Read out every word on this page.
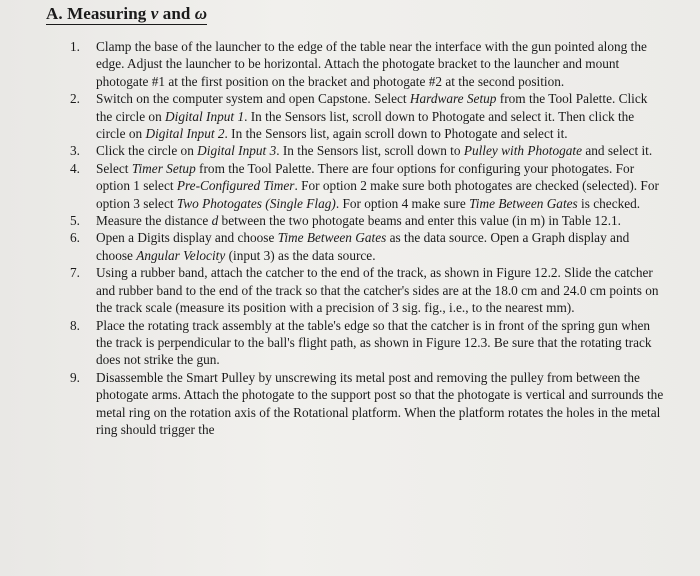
A. Measuring v and ω
1.	Clamp the base of the launcher to the edge of the table near the interface with the gun pointed along the edge. Adjust the launcher to be horizontal. Attach the photogate bracket to the launcher and mount photogate #1 at the first position on the bracket and photogate #2 at the second position.
2.	Switch on the computer system and open Capstone. Select Hardware Setup from the Tool Palette. Click the circle on Digital Input 1. In the Sensors list, scroll down to Photogate and select it. Then click the circle on Digital Input 2. In the Sensors list, again scroll down to Photogate and select it.
3.	Click the circle on Digital Input 3. In the Sensors list, scroll down to Pulley with Photogate and select it.
4.	Select Timer Setup from the Tool Palette. There are four options for configuring your photogates. For option 1 select Pre-Configured Timer. For option 2 make sure both photogates are checked (selected). For option 3 select Two Photogates (Single Flag). For option 4 make sure Time Between Gates is checked.
5.	Measure the distance d between the two photogate beams and enter this value (in m) in Table 12.1.
6.	Open a Digits display and choose Time Between Gates as the data source. Open a Graph display and choose Angular Velocity (input 3) as the data source.
7.	Using a rubber band, attach the catcher to the end of the track, as shown in Figure 12.2. Slide the catcher and rubber band to the end of the track so that the catcher's sides are at the 18.0 cm and 24.0 cm points on the track scale (measure its position with a precision of 3 sig. fig., i.e., to the nearest mm).
8.	Place the rotating track assembly at the table's edge so that the catcher is in front of the spring gun when the track is perpendicular to the ball's flight path, as shown in Figure 12.3. Be sure that the rotating track does not strike the gun.
9.	Disassemble the Smart Pulley by unscrewing its metal post and removing the pulley from between the photogate arms. Attach the photogate to the support post so that the photogate is vertical and surrounds the metal ring on the rotation axis of the Rotational platform. When the platform rotates the holes in the metal ring should trigger the
